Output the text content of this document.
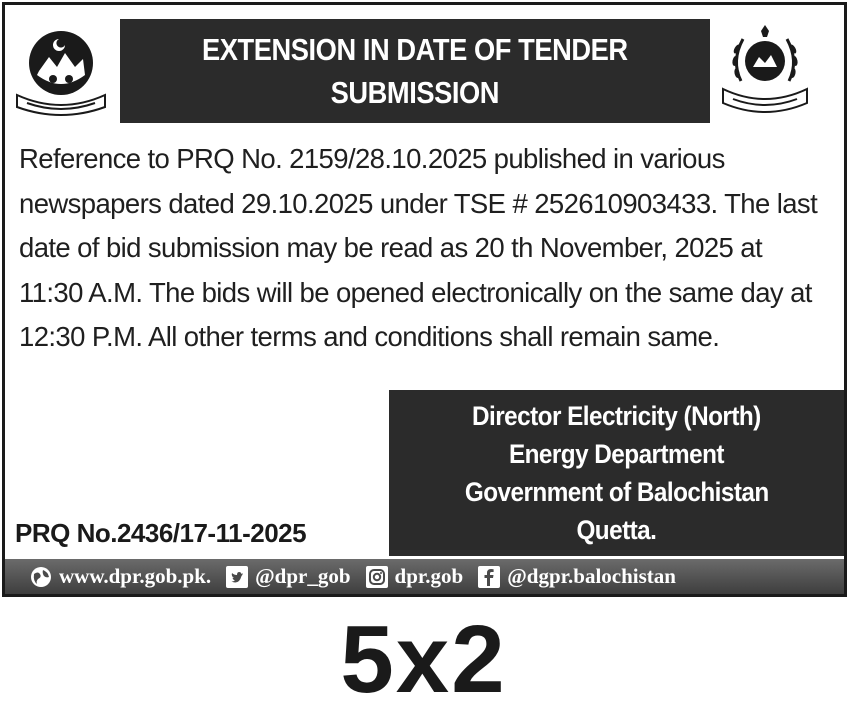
EXTENSION IN DATE OF TENDER
SUBMISSION
Reference to PRQ No. 2159/28.10.2025 published in various
newspapers dated 29.10.2025 under TSE # 252610903433. The last
date of bid submission may be read as 20 th November, 2025 at
11:30 A.M. The bids will be opened electronically on the same day at
12:30 P.M. All other terms and conditions shall remain same.
Director Electricity (North)
Energy Department
Government of Balochistan
Quetta.
PRQ No.2436/17-11-2025
www.dpr.gob.pk. @dpr_gob dpr.gob @dgpr.balochistan
5x2
